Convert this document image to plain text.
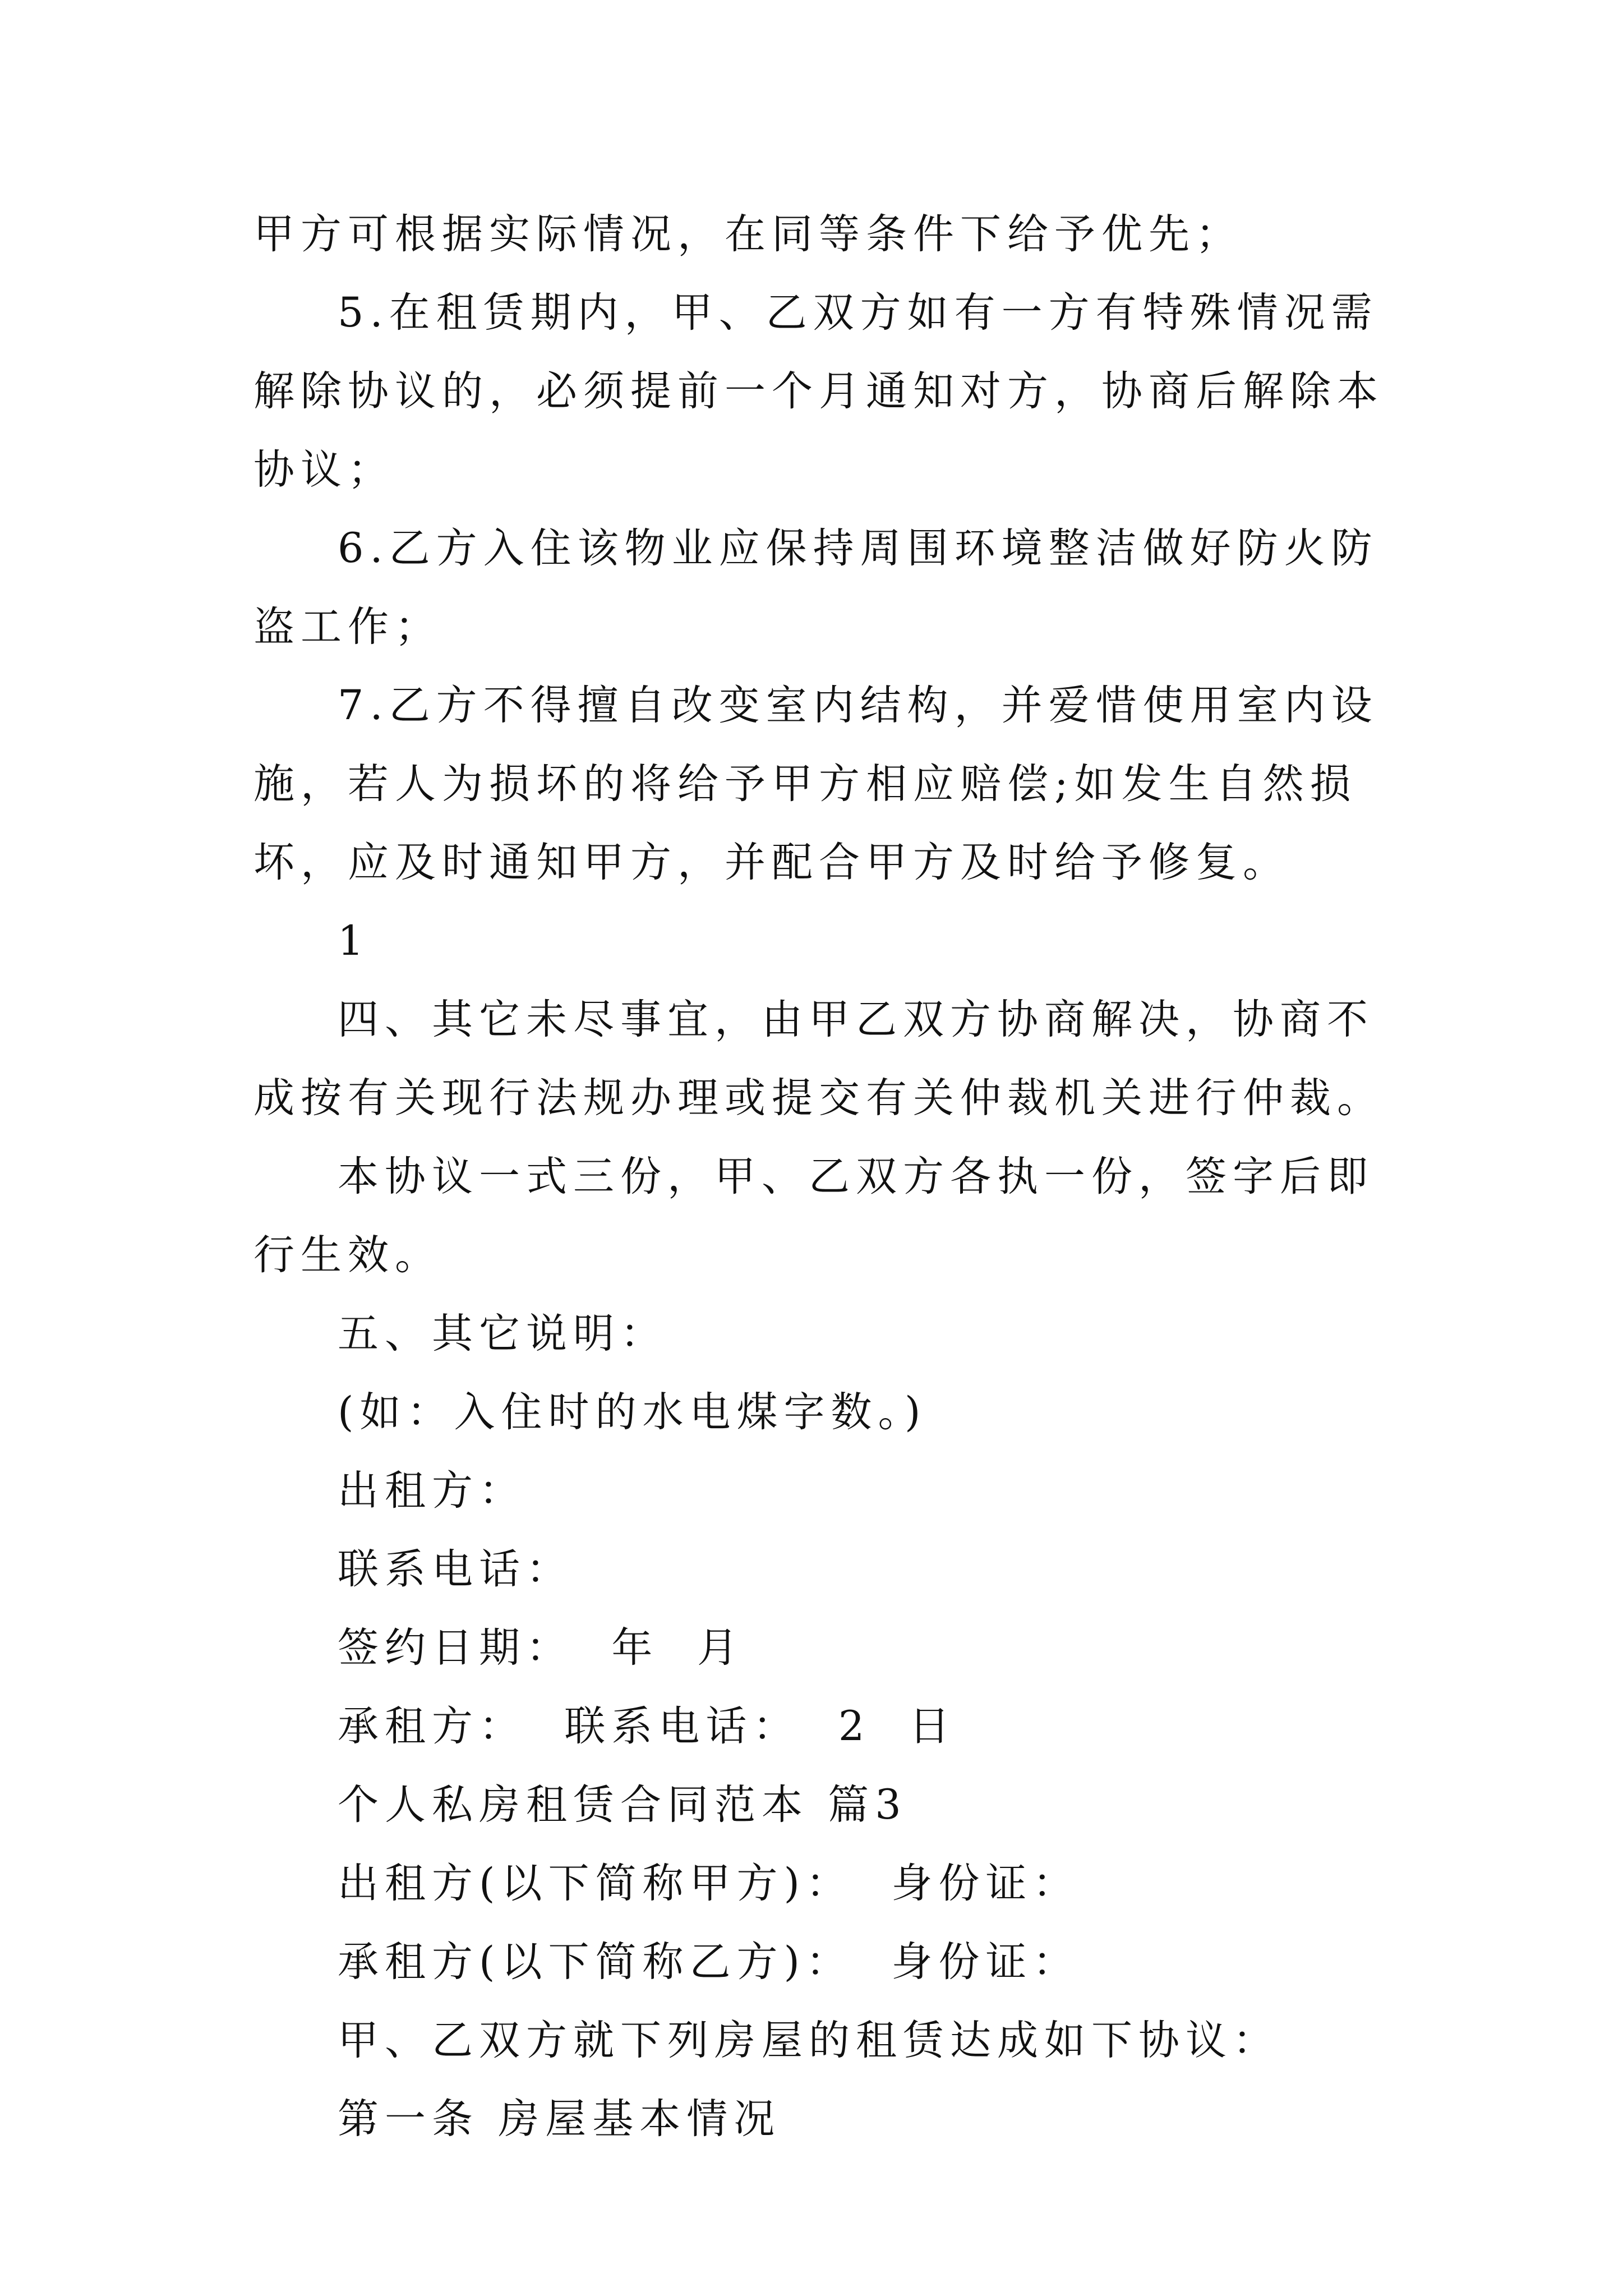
甲方可根据实际情况，在同等条件下给予优先；

5.在租赁期内，甲、乙双方如有一方有特殊情况需解除协议的，必须提前一个月通知对方，协商后解除本协议；

6.乙方入住该物业应保持周围环境整洁做好防火防盗工作；

7.乙方不得擅自改变室内结构，并爱惜使用室内设施，若人为损坏的将给予甲方相应赔偿;如发生自然损坏，应及时通知甲方，并配合甲方及时给予修复。

1

四、其它未尽事宜，由甲乙双方协商解决，协商不成按有关现行法规办理或提交有关仲裁机关进行仲裁。

本协议一式三份，甲、乙双方各执一份，签字后即行生效。

五、其它说明：

(如：入住时的水电煤字数。)

出租方：

联系电话：

签约日期：  年  月

承租方：  联系电话：  2  日

个人私房租赁合同范本 篇3

出租方(以下简称甲方)：  身份证：

承租方(以下简称乙方)：  身份证：

甲、乙双方就下列房屋的租赁达成如下协议：

第一条 房屋基本情况
